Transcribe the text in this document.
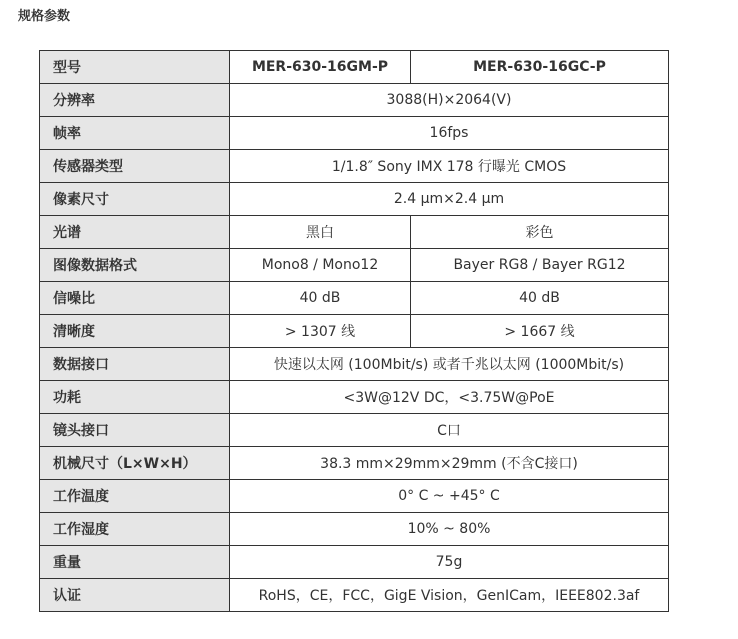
规格参数
型号	MER-630-16GM-P	MER-630-16GC-P
分辨率	3088(H)×2064(V)	
帧率	16fps	
传感器类型	1/1.8″ Sony IMX 178 行曝光 CMOS	
像素尺寸	2.4 μm×2.4 μm	
光谱	黑白	彩色
图像数据格式	Mono8 / Mono12	Bayer RG8 / Bayer RG12
信噪比	40 dB	40 dB
清晰度	> 1307 线	> 1667 线
数据接口	快速以太网 (100Mbit/s) 或者千兆以太网 (1000Mbit/s)	
功耗	<3W@12V DC，<3.75W@PoE	
镜头接口	C口	
机械尺寸（L×W×H）	38.3 mm×29mm×29mm (不含C接口)	
工作温度	0° C ~ +45° C	
工作湿度	10% ~ 80%	
重量	75g	
认证	RoHS，CE，FCC，GigE Vision，GenICam，IEEE802.3af	
